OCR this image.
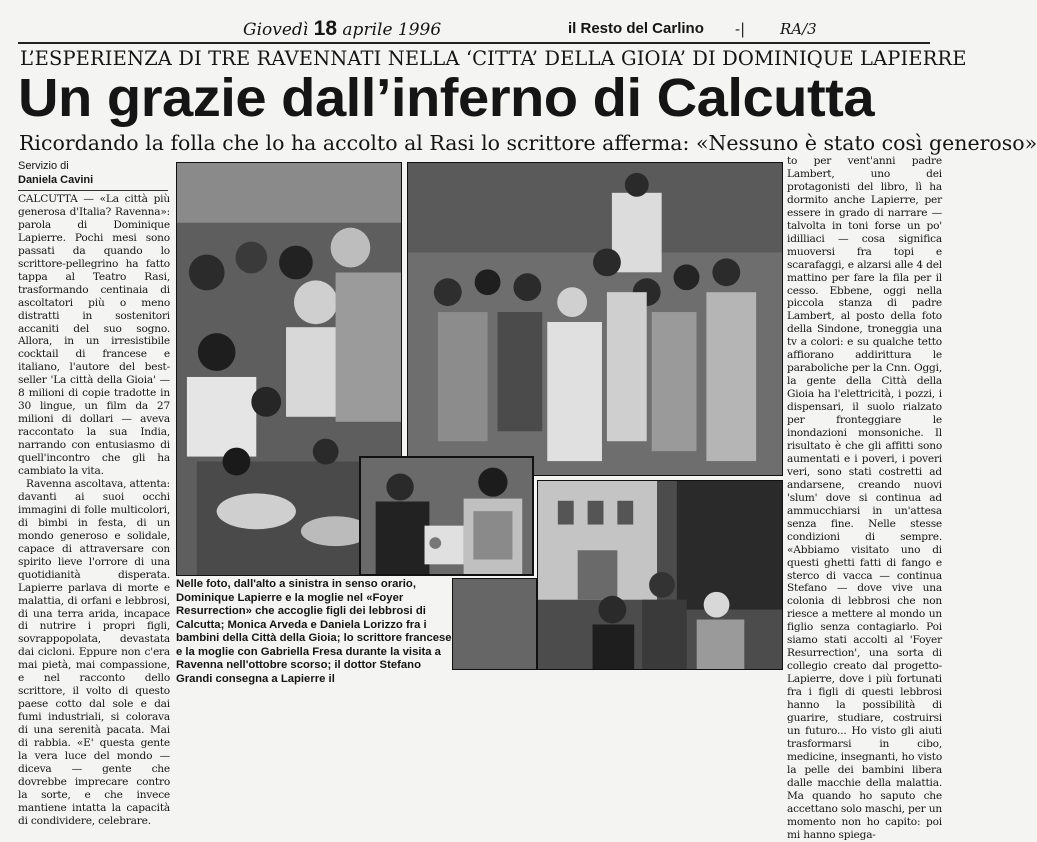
Giovedì 18 aprile 1996	il Resto del Carlino -| RA/3
L’ESPERIENZA DI TRE RAVENNATI NELLA ‘CITTA’ DELLA GIOIA’ DI DOMINIQUE LAPIERRE
Un grazie dall’inferno di Calcutta
Ricordando la folla che lo ha accolto al Rasi lo scrittore afferma: «Nessuno è stato così generoso»
Servizio di
Daniela Cavini

CALCUTTA — «La città più generosa d'Italia? Ravenna»: parola di Dominique Lapierre. Pochi mesi sono passati da quando lo scrittore-pellegrino ha fatto tappa al Teatro Rasi, trasformando centinaia di ascoltatori più o meno distratti in sostenitori accaniti del suo sogno. Allora, in un irresistibile cocktail di francese e italiano, l'autore del best-seller 'La città della Gioia' — 8 milioni di copie tradotte in 30 lingue, un film da 27 milioni di dollari — aveva raccontato la sua India, narrando con entusiasmo di quell'incontro che gli ha cambiato la vita.

Ravenna ascoltava, attenta: davanti ai suoi occhi immagini di folle multicolori, di bimbi in festa, di un mondo generoso e solidale, capace di attraversare con spirito lieve l'orrore di una quotidianità disperata. Lapierre parlava di morte e malattia, di orfani e lebbrosi, di una terra arida, incapace di nutrire i propri figli, sovrappopolata, devastata dai cicloni. Eppure non c'era mai pietà, mai compassione, e nel racconto dello scrittore, il volto di questo paese cotto dal sole e dai fumi industriali, si colorava di una serenità pacata. Mai di rabbia. «E' questa gente la vera luce del mondo — diceva — gente che dovrebbe imprecare contro la sorte, e che invece mantiene intatta la capacità di condividere, celebrare.

Nelle foto, dall'alto a sinistra in senso orario, Dominique Lapierre e la moglie nel «Foyer Resurrection» che accoglie figli dei lebbrosi di Calcutta; Monica Arveda e Daniela Lorizzo fra i bambini della Città della Gioia; lo scrittore francese e la moglie con Gabriella Fresa durante la visita a Ravenna nell'ottobre scorso; il dottor Stefano Grandi consegna a Lapierre il

to per vent'anni padre Lambert, uno dei protagonisti del libro, lì ha dormito anche Lapierre, per essere in grado di narrare — talvolta in toni forse un po' idilliaci — cosa significa muoversi fra topi e scarafaggi, e alzarsi alle 4 del mattino per fare la fila per il cesso. Ebbene, oggi nella piccola stanza di padre Lambert, al posto della foto della Sindone, troneggia una tv a colori: e su qualche tetto affiorano addirittura le paraboliche per la Cnn. Oggi, la gente della Città della Gioia ha l'elettricità, i pozzi, i dispensari, il suolo rialzato per fronteggiare le inondazioni monsoniche. Il risultato è che gli affitti sono aumentati e i poveri, i poveri veri, sono stati costretti ad andarsene, creando nuovi 'slum' dove si continua ad ammucchiarsi in un'attesa senza fine. Nelle stesse condizioni di sempre. «Abbiamo visitato uno di questi ghetti fatti di fango e sterco di vacca — continua Stefano — dove vive una colonia di lebbrosi che non riesce a mettere al mondo un figlio senza contagiarlo. Poi siamo stati accolti al 'Foyer Resurrection', una sorta di collegio creato dal progetto-Lapierre, dove i più fortunati fra i figli di questi lebbrosi hanno la possibilità di guarire, studiare, costruirsi un futuro... Ho visto gli aiuti trasformarsi in cibo, medicine, insegnanti, ho visto la pelle dei bambini libera dalle macchie della malattia. Ma quando ho saputo che accettano solo maschi, per un momento non ho capito: poi mi hanno spiega-
